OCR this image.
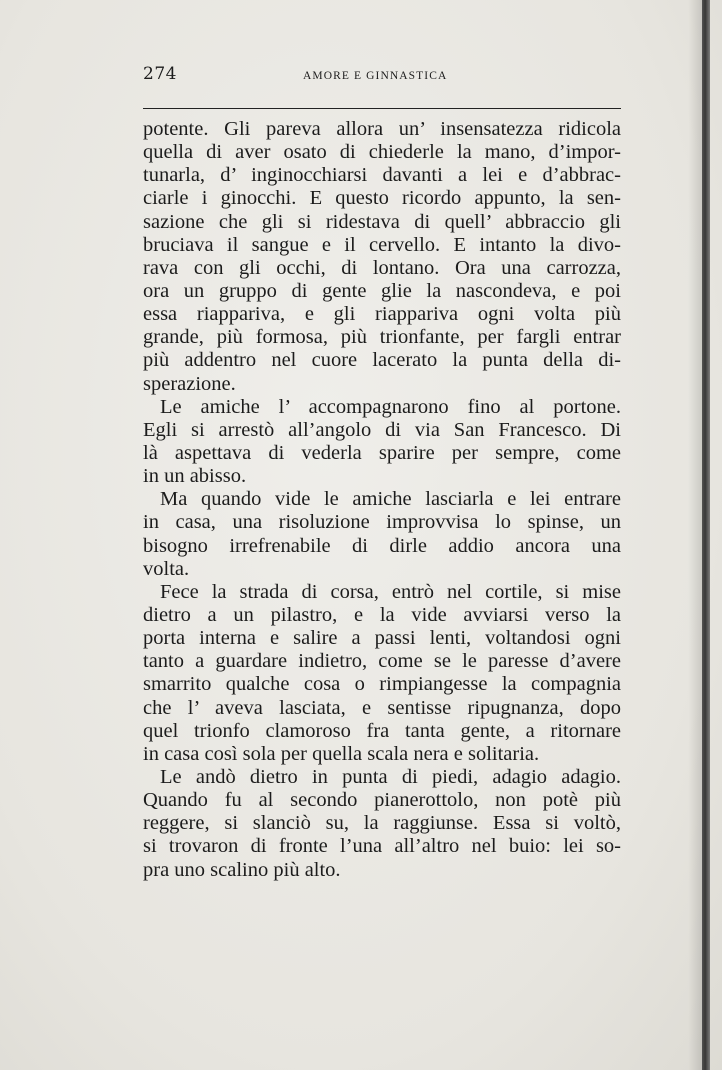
274	AMORE E GINNASTICA
potente. Gli pareva allora un’ insensatezza ridicola
quella di aver osato di chiederle la mano, d’impor-
tunarla, d’ inginocchiarsi davanti a lei e d’abbrac-
ciarle i ginocchi. E questo ricordo appunto, la sen-
sazione che gli si ridestava di quell’ abbraccio gli
bruciava il sangue e il cervello. E intanto la divo-
rava con gli occhi, di lontano. Ora una carrozza,
ora un gruppo di gente glie la nascondeva, e poi
essa riappariva, e gli riappariva ogni volta più
grande, più formosa, più trionfante, per fargli entrar
più addentro nel cuore lacerato la punta della di-
sperazione.
Le amiche l’ accompagnarono fino al portone.
Egli si arrestò all’angolo di via San Francesco. Di
là aspettava di vederla sparire per sempre, come
in un abisso.
Ma quando vide le amiche lasciarla e lei entrare
in casa, una risoluzione improvvisa lo spinse, un
bisogno irrefrenabile di dirle addio ancora una
volta.
Fece la strada di corsa, entrò nel cortile, si mise
dietro a un pilastro, e la vide avviarsi verso la
porta interna e salire a passi lenti, voltandosi ogni
tanto a guardare indietro, come se le paresse d’avere
smarrito qualche cosa o rimpiangesse la compagnia
che l’ aveva lasciata, e sentisse ripugnanza, dopo
quel trionfo clamoroso fra tanta gente, a ritornare
in casa così sola per quella scala nera e solitaria.
Le andò dietro in punta di piedi, adagio adagio.
Quando fu al secondo pianerottolo, non potè più
reggere, si slanciò su, la raggiunse. Essa si voltò,
si trovaron di fronte l’una all’altro nel buio: lei so-
pra uno scalino più alto.
